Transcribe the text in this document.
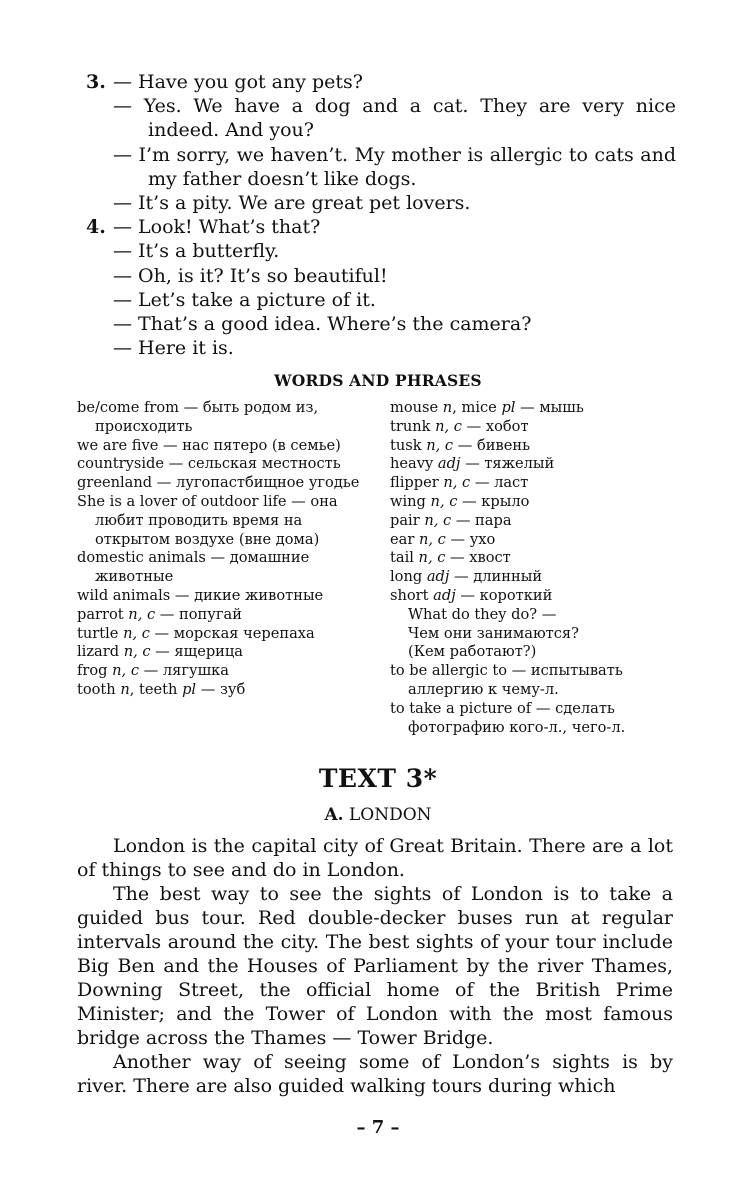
3. — Have you got any pets?

— Yes. We have a dog and a cat. They are very nice indeed. And you?

— I’m sorry, we haven’t. My mother is allergic to cats and my father doesn’t like dogs.

— It’s a pity. We are great pet lovers.

4. — Look! What’s that?

— It’s a butterfly.

— Oh, is it? It’s so beautiful!

— Let’s take a picture of it.

— That’s a good idea. Where’s the camera?

— Here it is.

WORDS AND PHRASES
be/come from — быть родом из, происходить
we are five — нас пятеро (в семье)
countryside — сельская местность
greenland — лугопастбищное угодье
She is a lover of outdoor life — она любит проводить время на открытом воздухе (вне дома)
domestic animals — домашние животные
wild animals — дикие животные
parrot n, c — попугай
turtle n, c — морская черепаха
lizard n, c — ящерица
frog n, c — лягушка
tooth n, teeth pl — зуб
mouse n, mice pl — мышь
trunk n, c — хобот
tusk n, c — бивень
heavy adj — тяжелый
flipper n, c — ласт
wing n, c — крыло
pair n, c — пара
ear n, c — ухо
tail n, c — хвост
long adj — длинный
short adj — короткий
What do they do? —
Чем они занимаются?
(Кем работают?)
to be allergic to — испытывать аллергию к чему-л.
to take a picture of — сделать фотографию кого-л., чего-л.
TEXT 3*
A. LONDON

London is the capital city of Great Britain. There are a lot of things to see and do in London.

The best way to see the sights of London is to take a guided bus tour. Red double-decker buses run at regular intervals around the city. The best sights of your tour include Big Ben and the Houses of Parliament by the river Thames, Downing Street, the official home of the British Prime Minister; and the Tower of London with the most famous bridge across the Thames — Tower Bridge.

Another way of seeing some of London’s sights is by river. There are also guided walking tours during which

– 7 –
